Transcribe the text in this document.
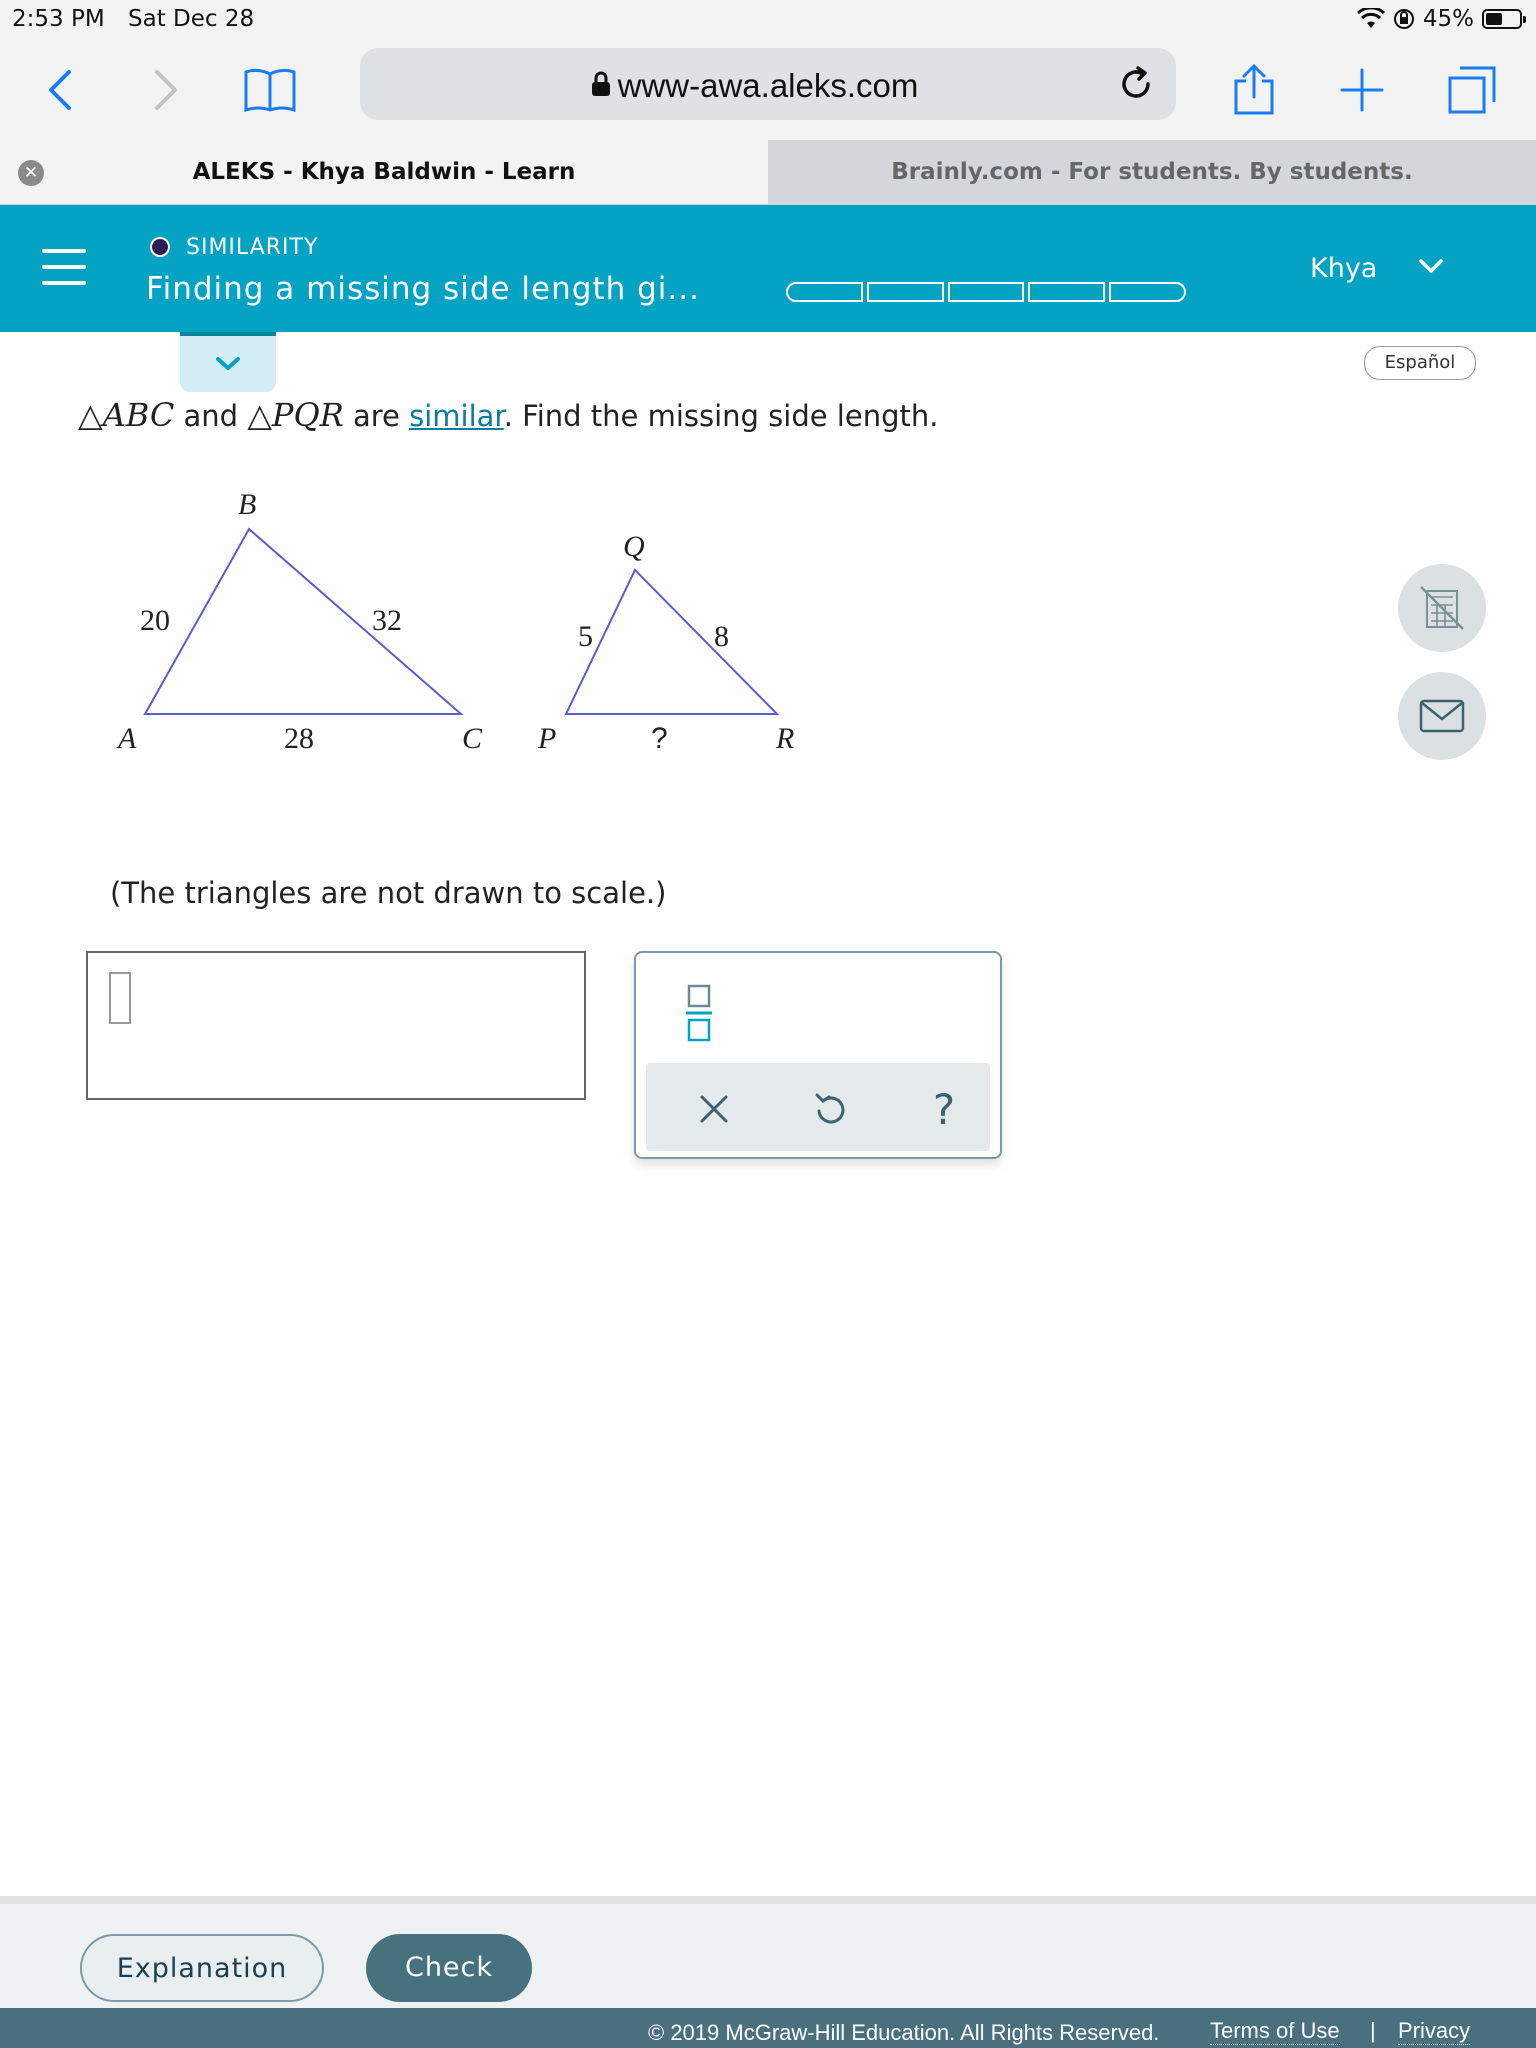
2:53 PM Sat Dec 28	45%
www-awa.aleks.com
ALEKS - Khya Baldwin - Learn
✕	Brainly.com - For students. By students.
SIMILARITY
Finding a missing side length gi...
Khya
Español
△ABC and △PQR are similar. Find the missing side length.
A
B
C
20	32
28	P
Q
R
5	8
?
(The triangles are not drawn to scale.)
?
Explanation	Check
© 2019 McGraw-Hill Education. All Rights Reserved. Terms of Use | Privacy
